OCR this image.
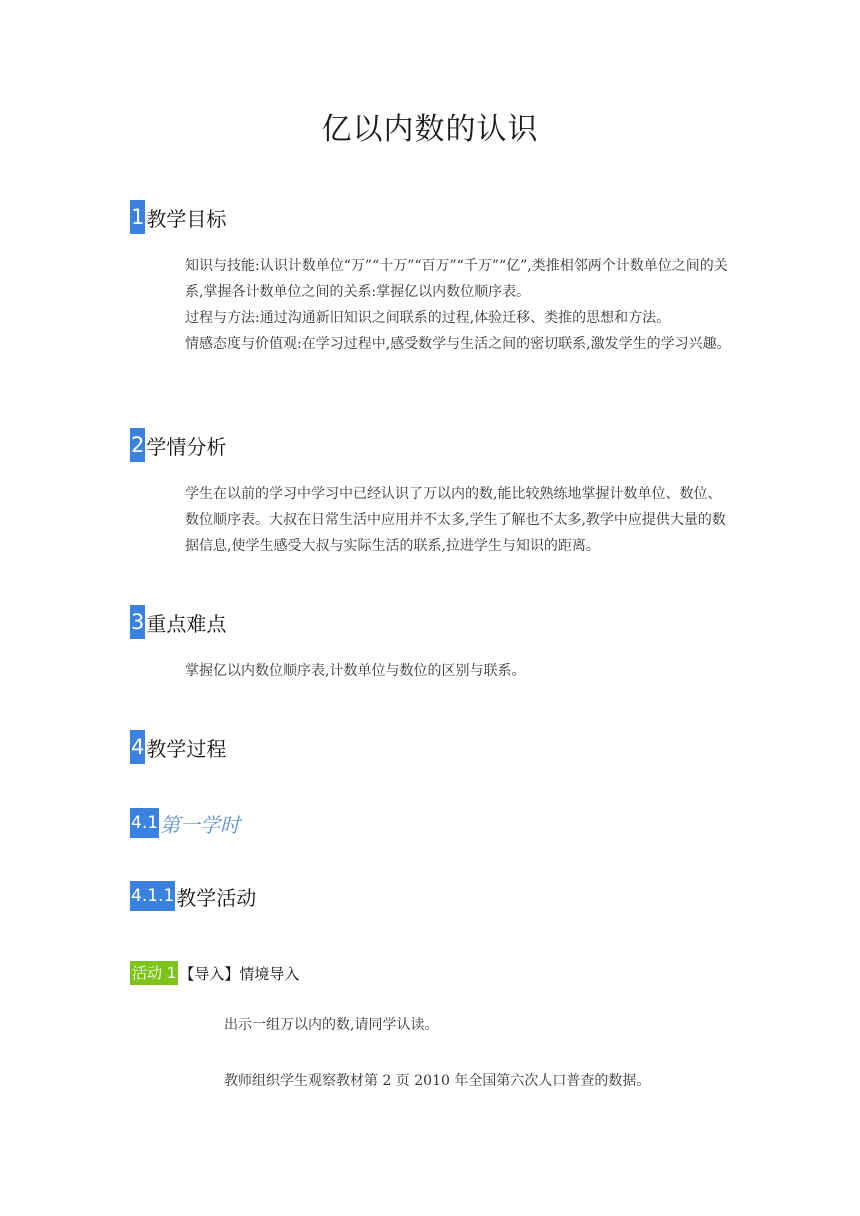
亿以内数的认识
1 教学目标

知识与技能:认识计数单位“万”“十万”“百万”“千万”“亿”,类推相邻两个计数单位之间的关系,掌握各计数单位之间的关系:掌握亿以内数位顺序表。

过程与方法:通过沟通新旧知识之间联系的过程,体验迁移、类推的思想和方法。

情感态度与价值观:在学习过程中,感受数学与生活之间的密切联系,激发学生的学习兴趣。

2 学情分析

学生在以前的学习中学习中已经认识了万以内的数,能比较熟练地掌握计数单位、数位、数位顺序表。大叔在日常生活中应用并不太多,学生了解也不太多,教学中应提供大量的数据信息,使学生感受大叔与实际生活的联系,拉进学生与知识的距离。

3 重点难点

掌握亿以内数位顺序表,计数单位与数位的区别与联系。

4 教学过程
4.1 第一学时
4.1.1 教学活动
活动 1 【导入】情境导入

出示一组万以内的数,请同学认读。

教师组织学生观察教材第 2 页 2010 年全国第六次人口普查的数据。
